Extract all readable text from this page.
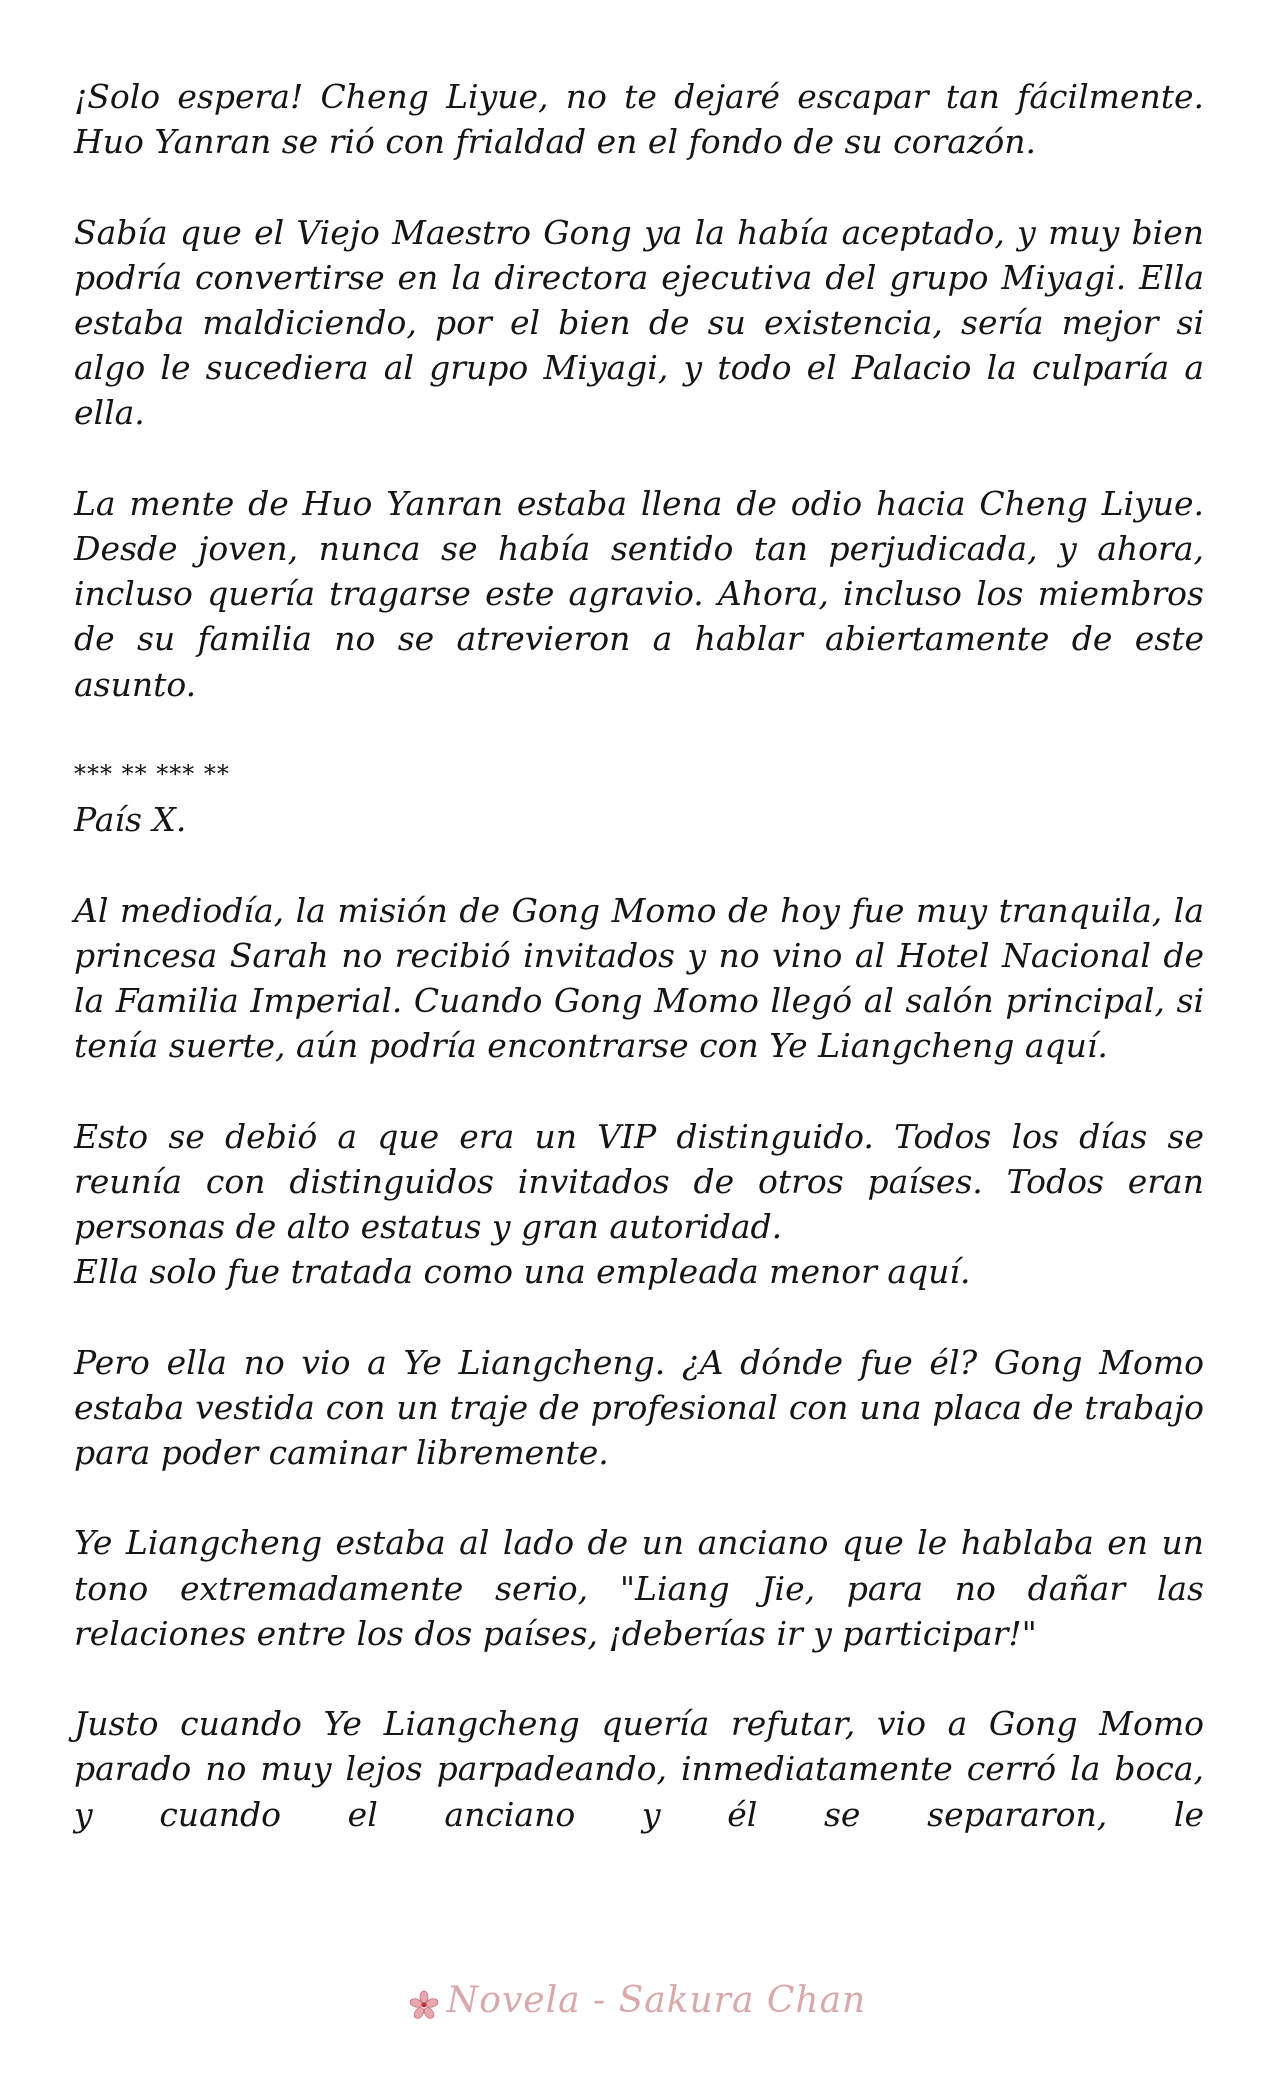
¡Solo espera! Cheng Liyue, no te dejaré escapar tan fácilmente. Huo Yanran se rió con frialdad en el fondo de su corazón.

Sabía que el Viejo Maestro Gong ya la había aceptado, y muy bien podría convertirse en la directora ejecutiva del grupo Miyagi. Ella estaba maldiciendo, por el bien de su existencia, sería mejor si algo le sucediera al grupo Miyagi, y todo el Palacio la culparía a ella.

La mente de Huo Yanran estaba llena de odio hacia Cheng Liyue. Desde joven, nunca se había sentido tan perjudicada, y ahora, incluso quería tragarse este agravio. Ahora, incluso los miembros de su familia no se atrevieron a hablar abiertamente de este asunto.

*** ** *** **

País X.

Al mediodía, la misión de Gong Momo de hoy fue muy tranquila, la princesa Sarah no recibió invitados y no vino al Hotel Nacional de la Familia Imperial. Cuando Gong Momo llegó al salón principal, si tenía suerte, aún podría encontrarse con Ye Liangcheng aquí.

Esto se debió a que era un VIP distinguido. Todos los días se reunía con distinguidos invitados de otros países. Todos eran personas de alto estatus y gran autoridad.
Ella solo fue tratada como una empleada menor aquí.

Pero ella no vio a Ye Liangcheng. ¿A dónde fue él? Gong Momo estaba vestida con un traje de profesional con una placa de trabajo para poder caminar libremente.

Ye Liangcheng estaba al lado de un anciano que le hablaba en un tono extremadamente serio, "Liang Jie, para no dañar las relaciones entre los dos países, ¡deberías ir y participar!"

Justo cuando Ye Liangcheng quería refutar, vio a Gong Momo parado no muy lejos parpadeando, inmediatamente cerró la boca, y cuando el anciano y él se separaron, le

Novela - Sakura Chan
